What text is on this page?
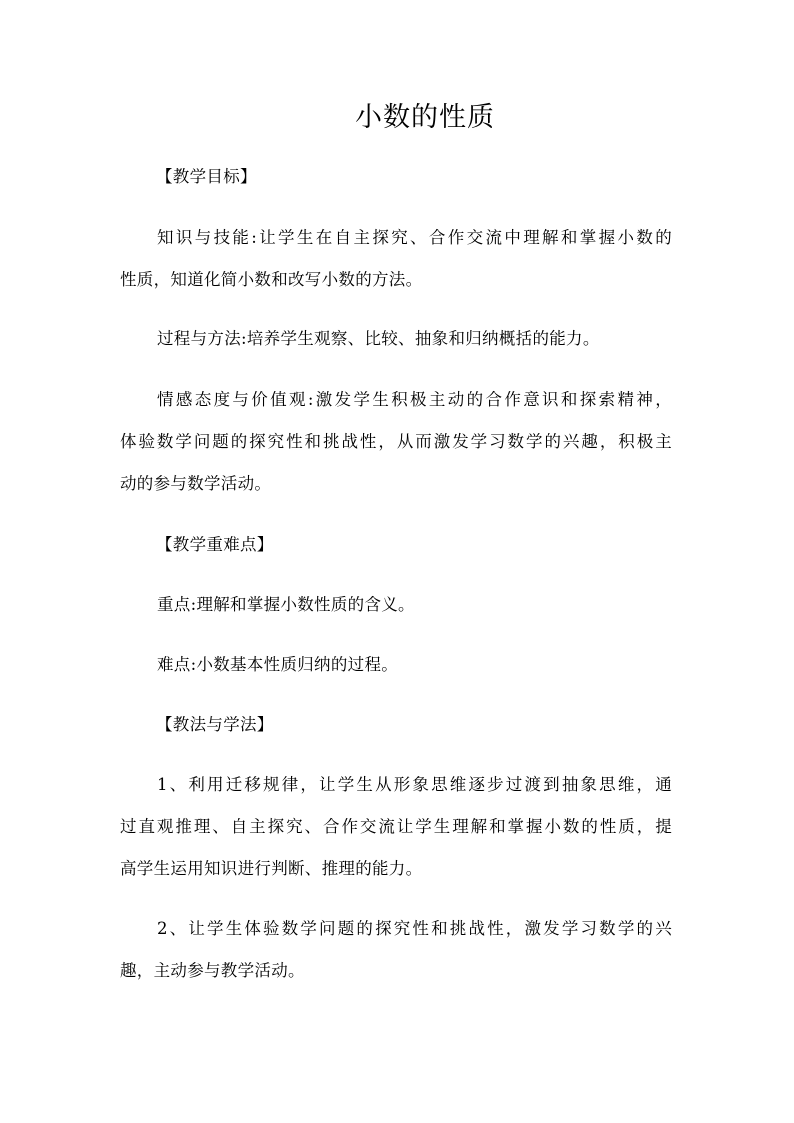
小数的性质
【教学目标】
知识与技能:让学生在自主探究、合作交流中理解和掌握小数的
性质，知道化简小数和改写小数的方法。
过程与方法:培养学生观察、比较、抽象和归纳概括的能力。
情感态度与价值观:激发学生积极主动的合作意识和探索精神，
体验数学问题的探究性和挑战性，从而激发学习数学的兴趣，积极主
动的参与数学活动。
【教学重难点】
重点:理解和掌握小数性质的含义。
难点:小数基本性质归纳的过程。
【教法与学法】
1、利用迁移规律，让学生从形象思维逐步过渡到抽象思维，通
过直观推理、自主探究、合作交流让学生理解和掌握小数的性质，提
高学生运用知识进行判断、推理的能力。
2、让学生体验数学问题的探究性和挑战性，激发学习数学的兴
趣，主动参与教学活动。
